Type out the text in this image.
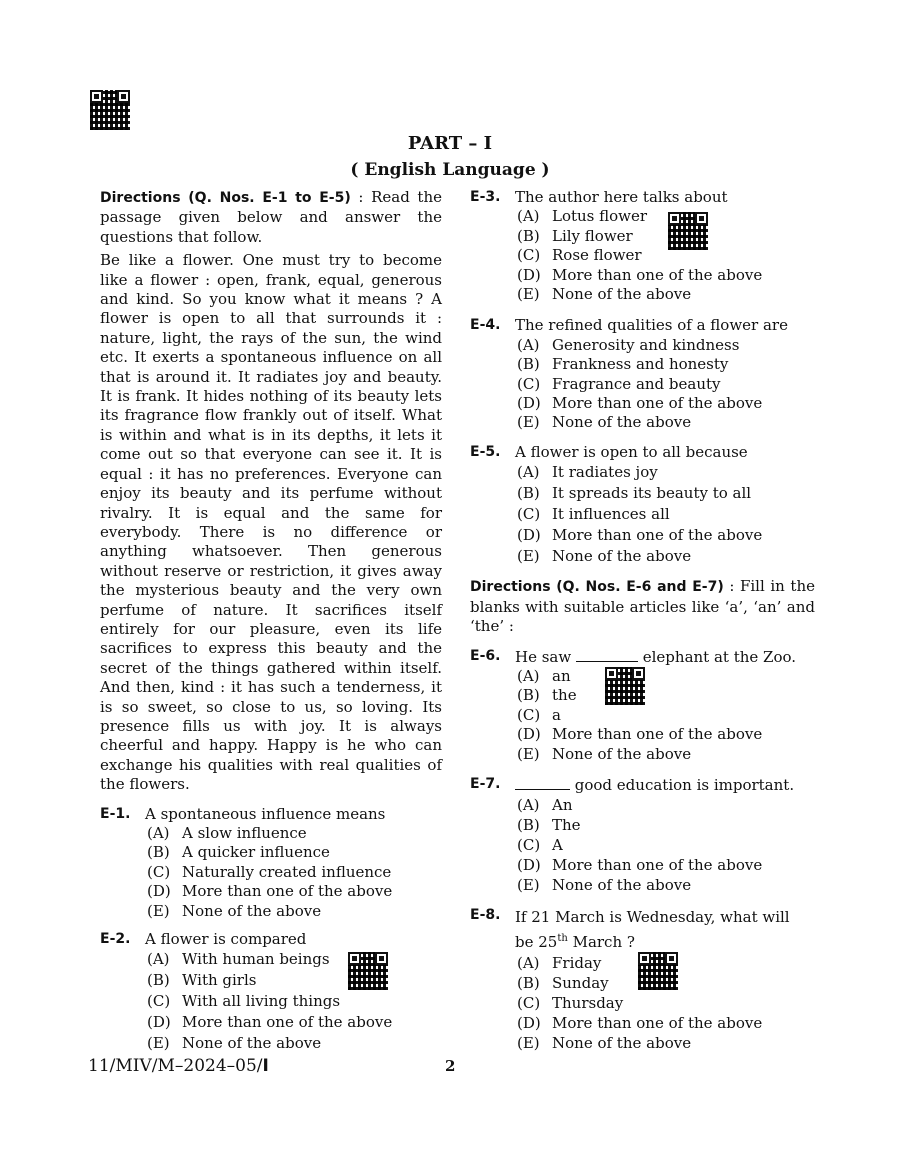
PART – I
( English Language )

Directions (Q. Nos. E-1 to E-5) : Read the passage given below and answer the questions that follow.

Be like a flower. One must try to become like a flower : open, frank, equal, generous and kind. So you know what it means ? A flower is open to all that surrounds it : nature, light, the rays of the sun, the wind etc. It exerts a spontaneous influence on all that is around it. It radiates joy and beauty. It is frank. It hides nothing of its beauty lets its fragrance flow frankly out of itself. What is within and what is in its depths, it lets it come out so that everyone can see it. It is equal : it has no preferences. Everyone can enjoy its beauty and its perfume without rivalry. It is equal and the same for everybody. There is no difference or anything whatsoever. Then generous without reserve or restriction, it gives away the mysterious beauty and the very own perfume of nature. It sacrifices itself entirely for our pleasure, even its life sacrifices to express this beauty and the secret of the things gathered within itself. And then, kind : it has such a tenderness, it is so sweet, so close to us, so loving. Its presence fills us with joy. It is always cheerful and happy. Happy is he who can exchange his qualities with real qualities of the flowers.

E-1. A spontaneous influence means
(A) A slow influence
(B) A quicker influence
(C) Naturally created influence
(D) More than one of the above
(E) None of the above
E-2. A flower is compared
(A) With human beings
(B) With girls
(C) With all living things
(D) More than one of the above
(E) None of the above
E-3. The author here talks about
(A) Lotus flower
(B) Lily flower
(C) Rose flower
(D) More than one of the above
(E) None of the above
E-4. The refined qualities of a flower are
(A) Generosity and kindness
(B) Frankness and honesty
(C) Fragrance and beauty
(D) More than one of the above
(E) None of the above
E-5. A flower is open to all because
(A) It radiates joy
(B) It spreads its beauty to all
(C) It influences all
(D) More than one of the above
(E) None of the above

Directions (Q. Nos. E-6 and E-7) : Fill in the blanks with suitable articles like ‘a’, ‘an’ and ‘the’ :

E-6. He saw	elephant at the Zoo.
(A) an
(B) the
(C) a
(D) More than one of the above
(E) None of the above
E-7.	good education is important.
(A) An
(B) The
(C) A
(D) More than one of the above
(E) None of the above
E-8. If 21 March is Wednesday, what will
be 25th March ?
(A) Friday
(B) Sunday
(C) Thursday
(D) More than one of the above
(E) None of the above
11/MIV/M–2024–05/I	2
